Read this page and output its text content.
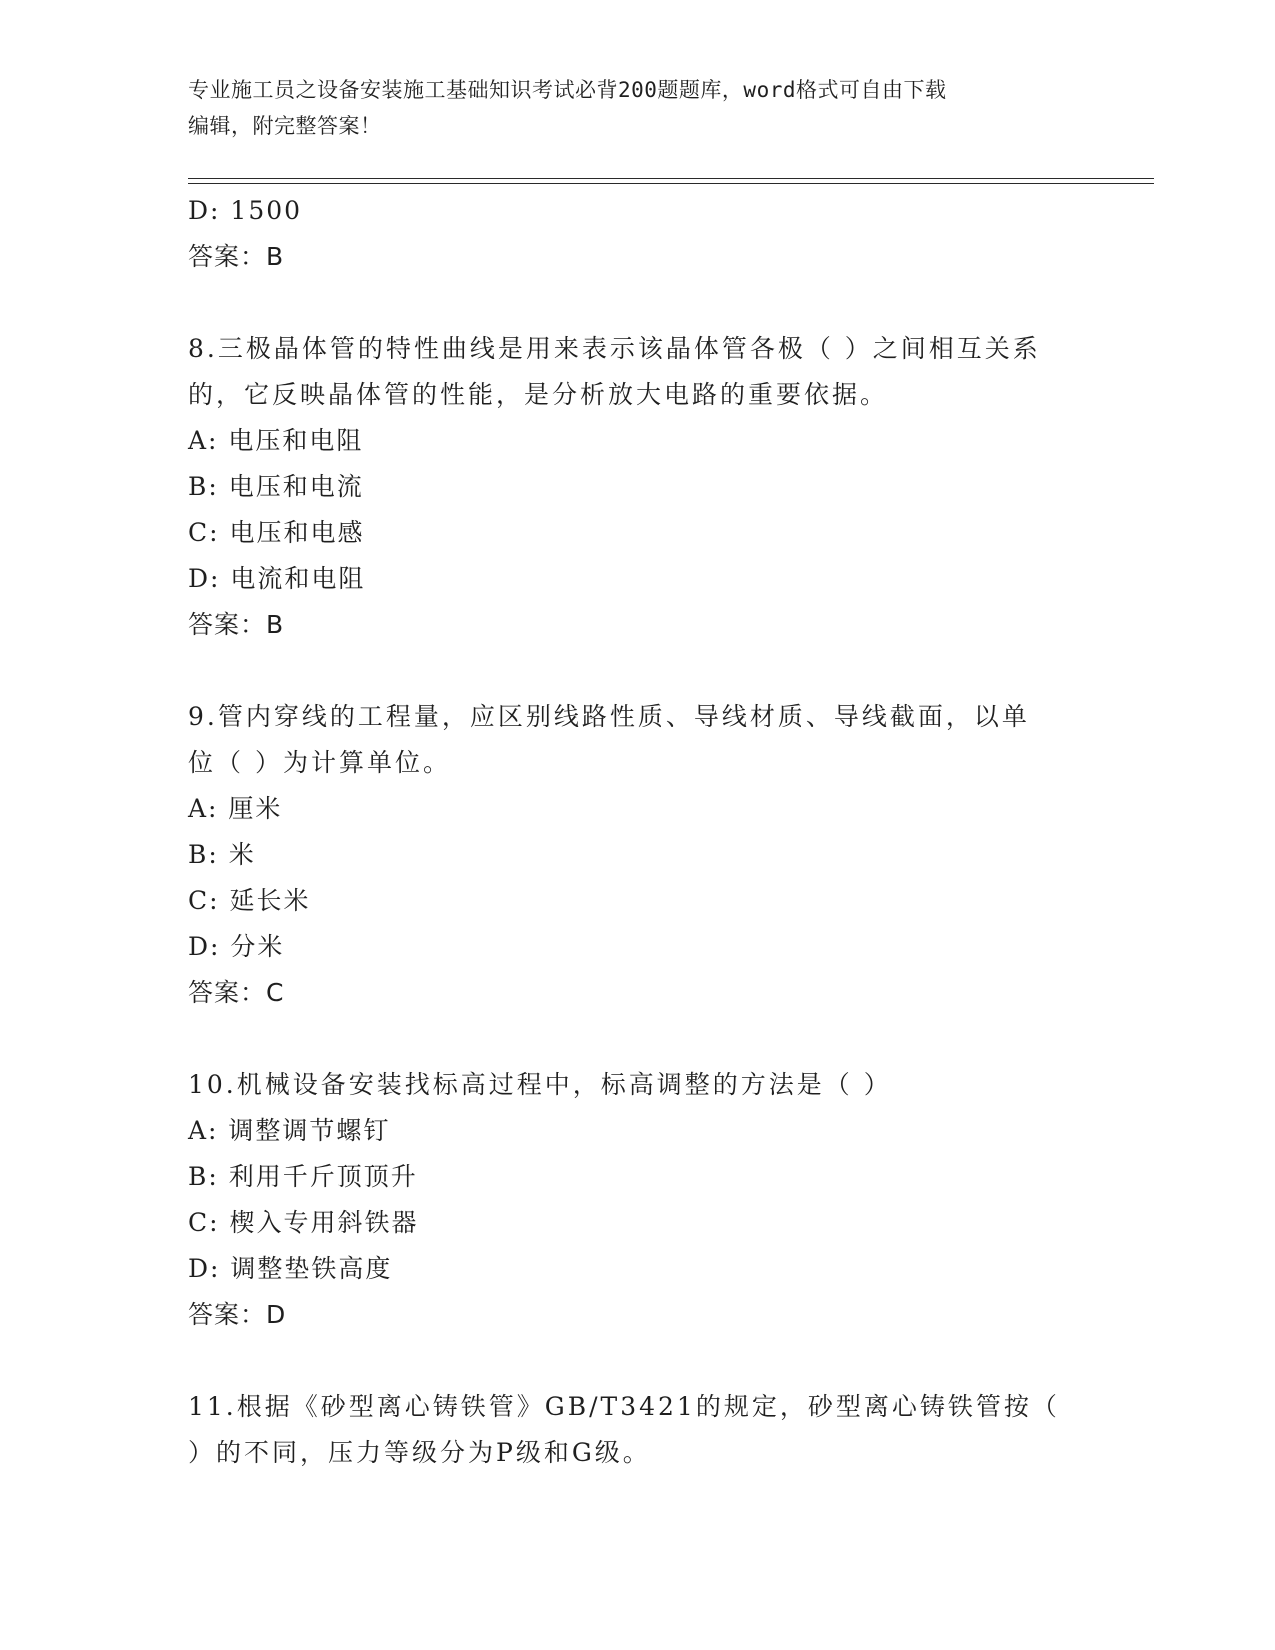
专业施工员之设备安装施工基础知识考试必背200题题库，word格式可自由下载
编辑，附完整答案！
D: 1500
答案：B
8.三极晶体管的特性曲线是用来表示该晶体管各极（ ）之间相互关系
的，它反映晶体管的性能，是分析放大电路的重要依据。
A: 电压和电阻
B: 电压和电流
C: 电压和电感
D: 电流和电阻
答案：B
9.管内穿线的工程量，应区别线路性质、导线材质、导线截面，以单
位（ ）为计算单位。
A: 厘米
B: 米
C: 延长米
D: 分米
答案：C
10.机械设备安装找标高过程中，标高调整的方法是（ ）
A: 调整调节螺钉
B: 利用千斤顶顶升
C: 楔入专用斜铁器
D: 调整垫铁高度
答案：D
11.根据《砂型离心铸铁管》GB/T3421的规定，砂型离心铸铁管按（
）的不同，压力等级分为P级和G级。
